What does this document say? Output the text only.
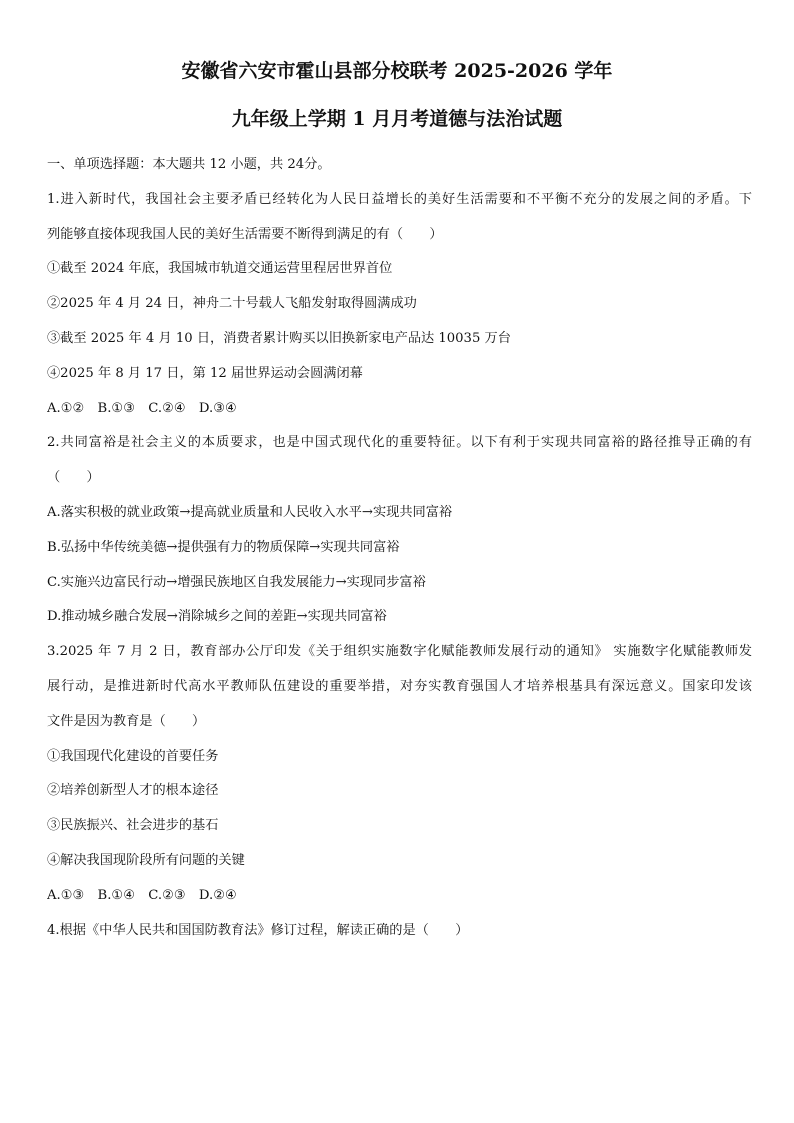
安徽省六安市霍山县部分校联考 2025-2026 学年
九年级上学期 1 月月考道德与法治试题
一、单项选择题：本大题共 12 小题，共 24分。
1.进入新时代，我国社会主要矛盾已经转化为人民日益增长的美好生活需要和不平衡不充分的发展之间的矛盾。下
列能够直接体现我国人民的美好生活需要不断得到满足的有（　　）
①截至 2024 年底，我国城市轨道交通运营里程居世界首位
②2025 年 4 月 24 日，神舟二十号载人飞船发射取得圆满成功
③截至 2025 年 4 月 10 日，消费者累计购买以旧换新家电产品达 10035 万台
④2025 年 8 月 17 日，第 12 届世界运动会圆满闭幕
A.①②　B.①③　C.②④　D.③④
2.共同富裕是社会主义的本质要求，也是中国式现代化的重要特征。以下有利于实现共同富裕的路径推导正确的有
（　　）
A.落实积极的就业政策→提高就业质量和人民收入水平→实现共同富裕
B.弘扬中华传统美德→提供强有力的物质保障→实现共同富裕
C.实施兴边富民行动→增强民族地区自我发展能力→实现同步富裕
D.推动城乡融合发展→消除城乡之间的差距→实现共同富裕
3.2025 年 7 月 2 日，教育部办公厅印发《关于组织实施数字化赋能教师发展行动的通知》 实施数字化赋能教师发
展行动，是推进新时代高水平教师队伍建设的重要举措，对夯实教育强国人才培养根基具有深远意义。国家印发该
文件是因为教育是（　　）
①我国现代化建设的首要任务
②培养创新型人才的根本途径
③民族振兴、社会进步的基石
④解决我国现阶段所有问题的关键
A.①③　B.①④　C.②③　D.②④
4.根据《中华人民共和国国防教育法》修订过程，解读正确的是（　　）
